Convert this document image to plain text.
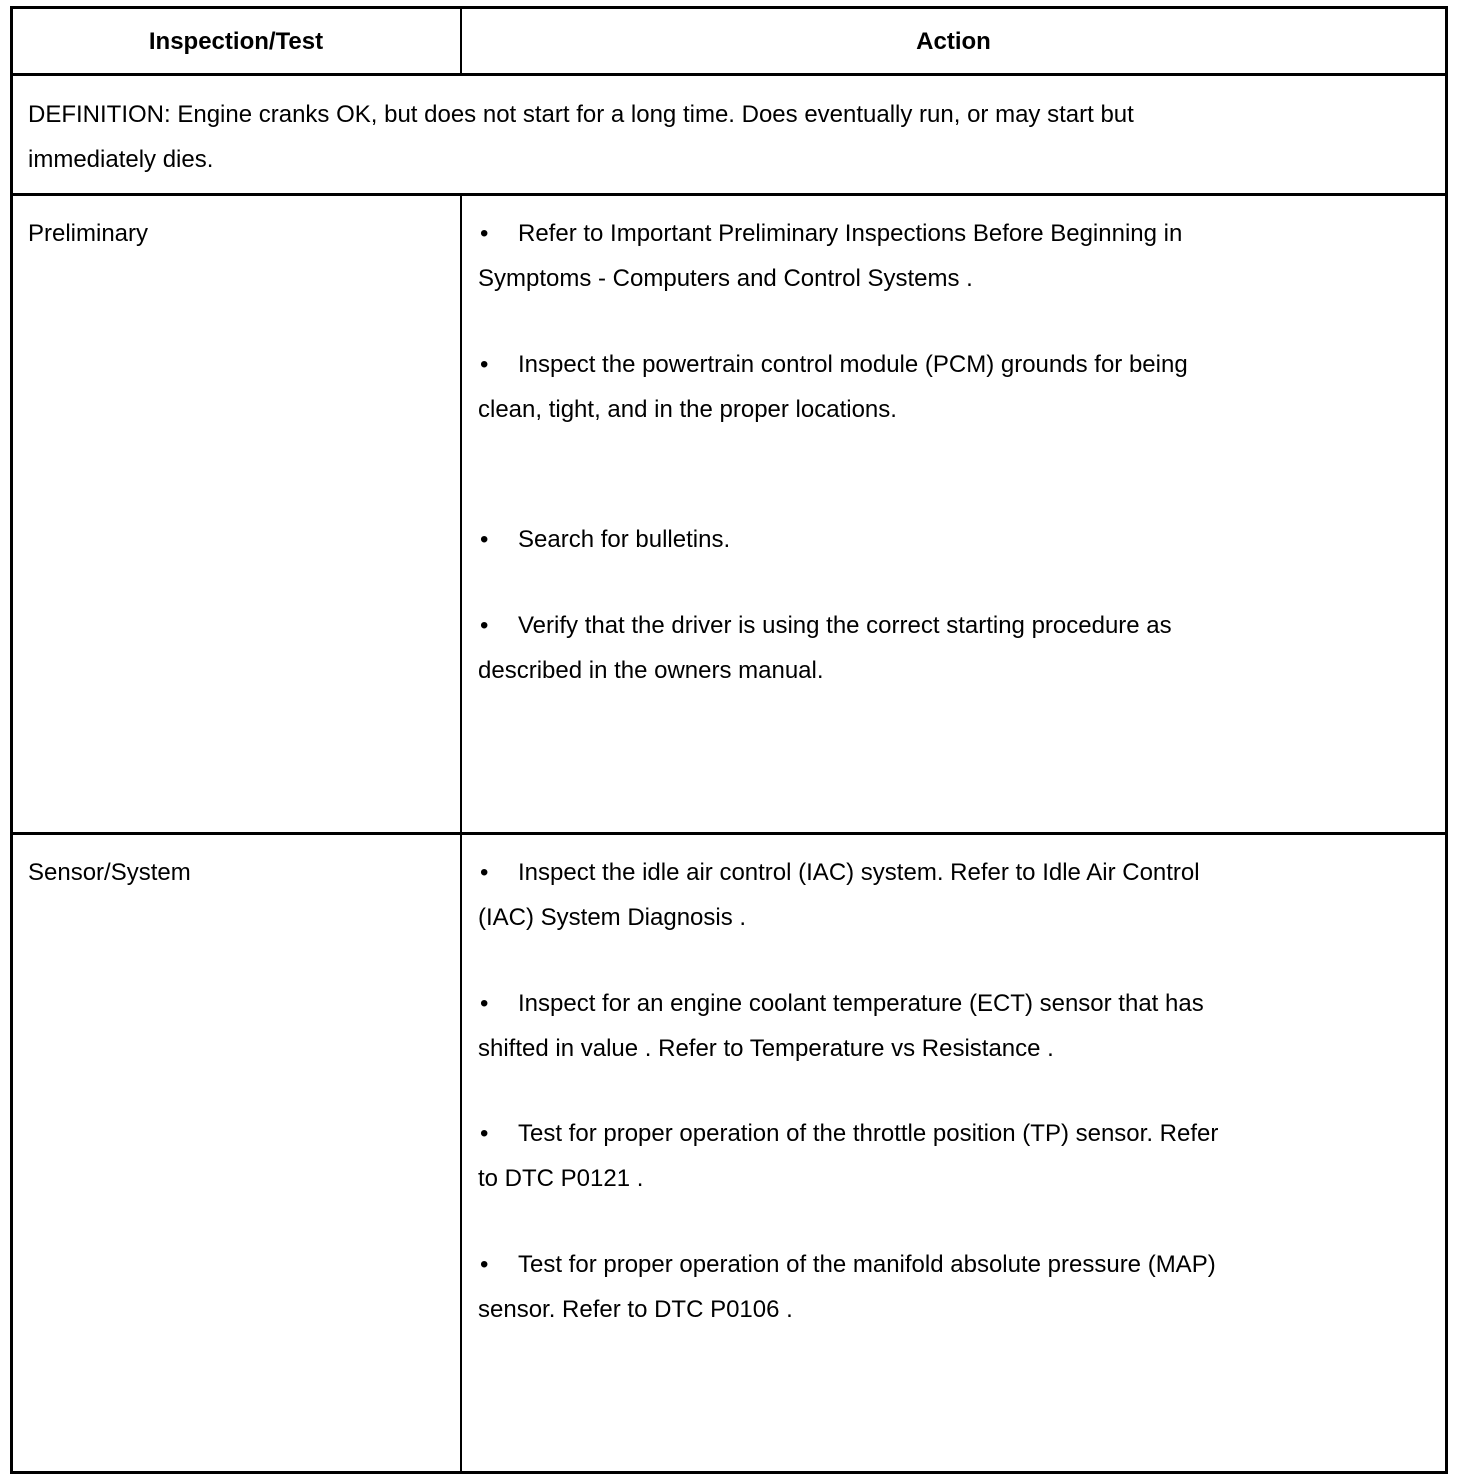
Inspection/Test	Action
DEFINITION: Engine cranks OK, but does not start for a long time. Does eventually run, or may start but
immediately dies.
Preliminary	• Refer to Important Preliminary Inspections Before Beginning in
Symptoms - Computers and Control Systems .
• Inspect the powertrain control module (PCM) grounds for being
clean, tight, and in the proper locations.
• Search for bulletins.
• Verify that the driver is using the correct starting procedure as
described in the owners manual.
Sensor/System	• Inspect the idle air control (IAC) system. Refer to Idle Air Control
(IAC) System Diagnosis .
• Inspect for an engine coolant temperature (ECT) sensor that has
shifted in value . Refer to Temperature vs Resistance .
• Test for proper operation of the throttle position (TP) sensor. Refer
to DTC P0121 .
• Test for proper operation of the manifold absolute pressure (MAP)
sensor. Refer to DTC P0106 .
